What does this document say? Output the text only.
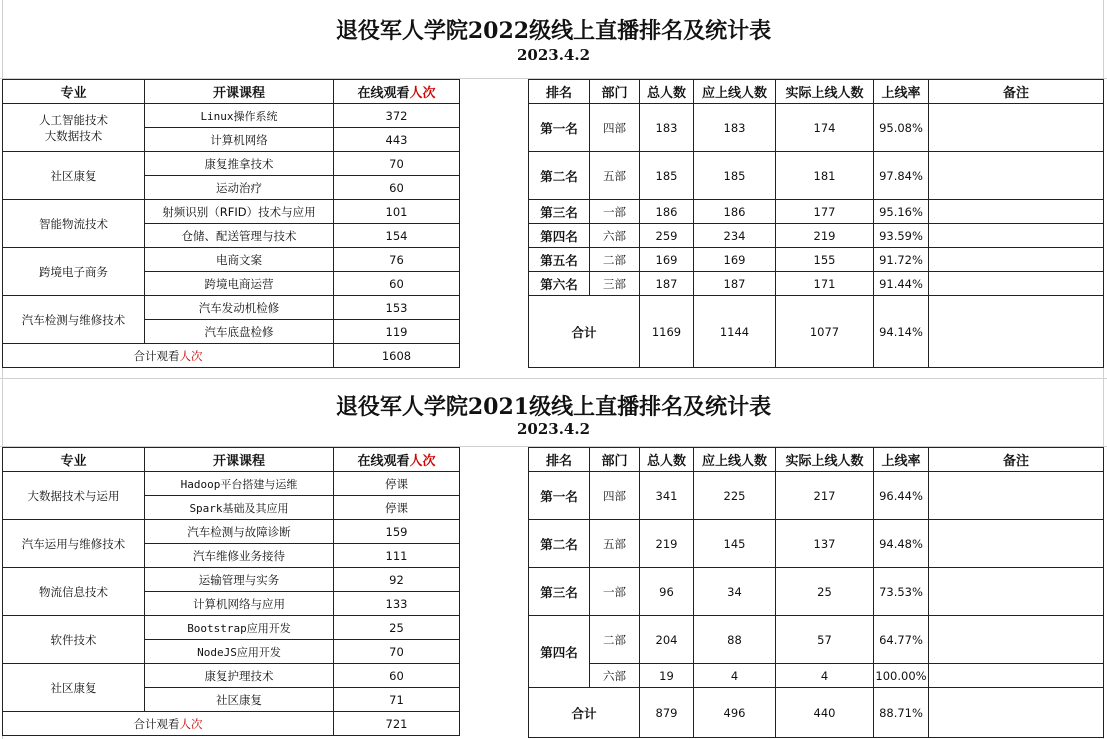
退役军人学院2022级线上直播排名及统计表
2023.4.2
专业	开课课程	在线观看人次
人工智能技术
大数据技术	Linux操作系统	372
	计算机网络	443
社区康复	康复推拿技术	70
	运动治疗	60
智能物流技术	射频识别（RFID）技术与应用	101
	仓储、配送管理与技术	154
跨境电子商务	电商文案	76
	跨境电商运营	60
汽车检测与维修技术	汽车发动机检修	153
	汽车底盘检修	119
合计观看人次		1608
排名	部门	总人数	应上线人数	实际上线人数	上线率	备注
第一名	四部	183	183	174	95.08%	
第二名	五部	185	185	181	97.84%	
第三名	一部	186	186	177	95.16%	
第四名	六部	259	234	219	93.59%	
第五名	二部	169	169	155	91.72%	
第六名	三部	187	187	171	91.44%	
合计		1169	1144	1077	94.14%	
退役军人学院2021级线上直播排名及统计表
2023.4.2
专业	开课课程	在线观看人次
大数据技术与运用	Hadoop平台搭建与运维	停课
	Spark基础及其应用	停课
汽车运用与维修技术	汽车检测与故障诊断	159
	汽车维修业务接待	111
物流信息技术	运输管理与实务	92
	计算机网络与应用	133
软件技术	Bootstrap应用开发	25
	NodeJS应用开发	70
社区康复	康复护理技术	60
	社区康复	71
合计观看人次		721
排名	部门	总人数	应上线人数	实际上线人数	上线率	备注
第一名	四部	341	225	217	96.44%	
第二名	五部	219	145	137	94.48%	
第三名	一部	96	34	25	73.53%	
第四名	二部	204	88	57	64.77%	
	六部	19	4	4	100.00%	
合计		879	496	440	88.71%	
